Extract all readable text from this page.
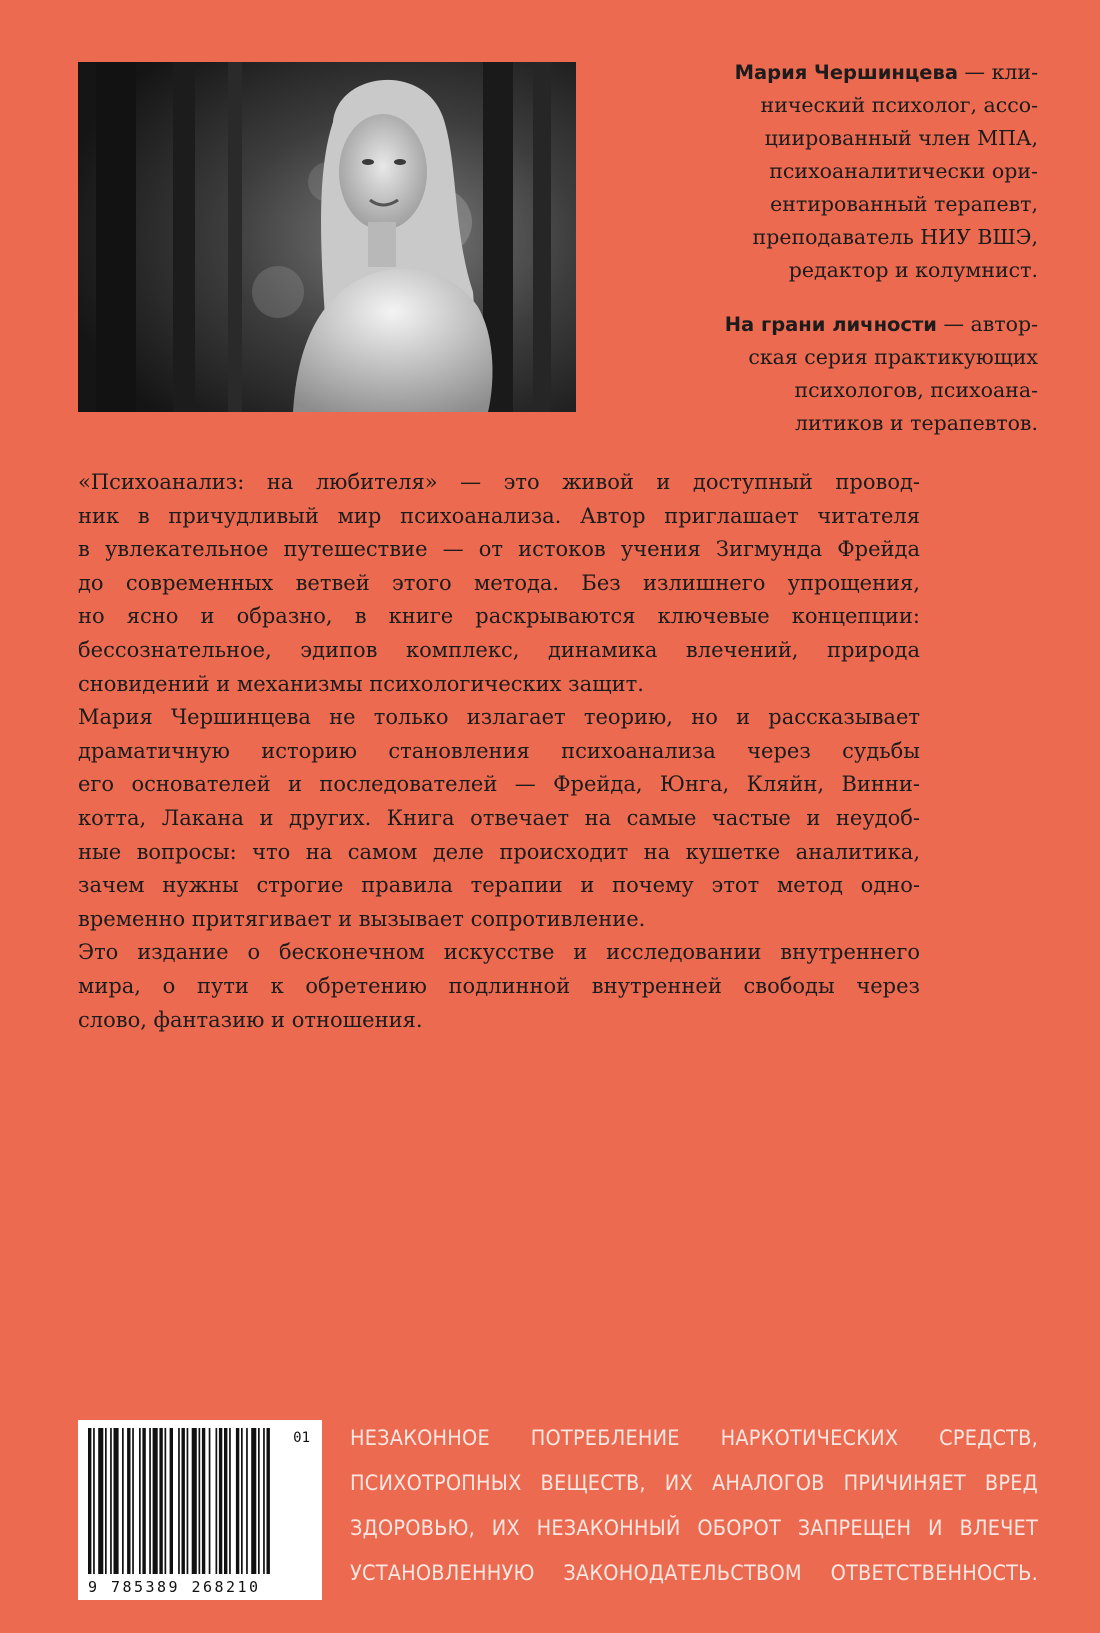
Мария Чершинцева — кли-
нический психолог, ассо-
циированный член МПА,
психоаналитически ори-
ентированный терапевт,
преподаватель НИУ ВШЭ,
редактор и колумнист.

На грани личности — автор-
ская серия практикующих
психологов, психоана-
литиков и терапевтов.

«Психоанализ: на любителя» — это живой и доступный провод-
ник в причудливый мир психоанализа. Автор приглашает читателя
в увлекательное путешествие — от истоков учения Зигмунда Фрейда
до современных ветвей этого метода. Без излишнего упрощения,
но ясно и образно, в книге раскрываются ключевые концепции:
бессознательное, эдипов комплекс, динамика влечений, природа
сновидений и механизмы психологических защит.
Мария Чершинцева не только излагает теорию, но и рассказывает
драматичную историю становления психоанализа через судьбы
его основателей и последователей — Фрейда, Юнга, Кляйн, Винни-
котта, Лакана и других. Книга отвечает на самые частые и неудоб-
ные вопросы: что на самом деле происходит на кушетке аналитика,
зачем нужны строгие правила терапии и почему этот метод одно-
временно притягивает и вызывает сопротивление.
Это издание о бесконечном искусстве и исследовании внутреннего
мира, о пути к обретению подлинной внутренней свободы через
слово, фантазию и отношения.
01
9 785389 268210
НЕЗАКОННОЕ ПОТРЕБЛЕНИЕ НАРКОТИЧЕСКИХ СРЕДСТВ,
ПСИХОТРОПНЫХ ВЕЩЕСТВ, ИХ АНАЛОГОВ ПРИЧИНЯЕТ ВРЕД
ЗДОРОВЬЮ, ИХ НЕЗАКОННЫЙ ОБОРОТ ЗАПРЕЩЕН И ВЛЕЧЕТ
УСТАНОВЛЕННУЮ ЗАКОНОДАТЕЛЬСТВОМ ОТВЕТСТВЕННОСТЬ.
